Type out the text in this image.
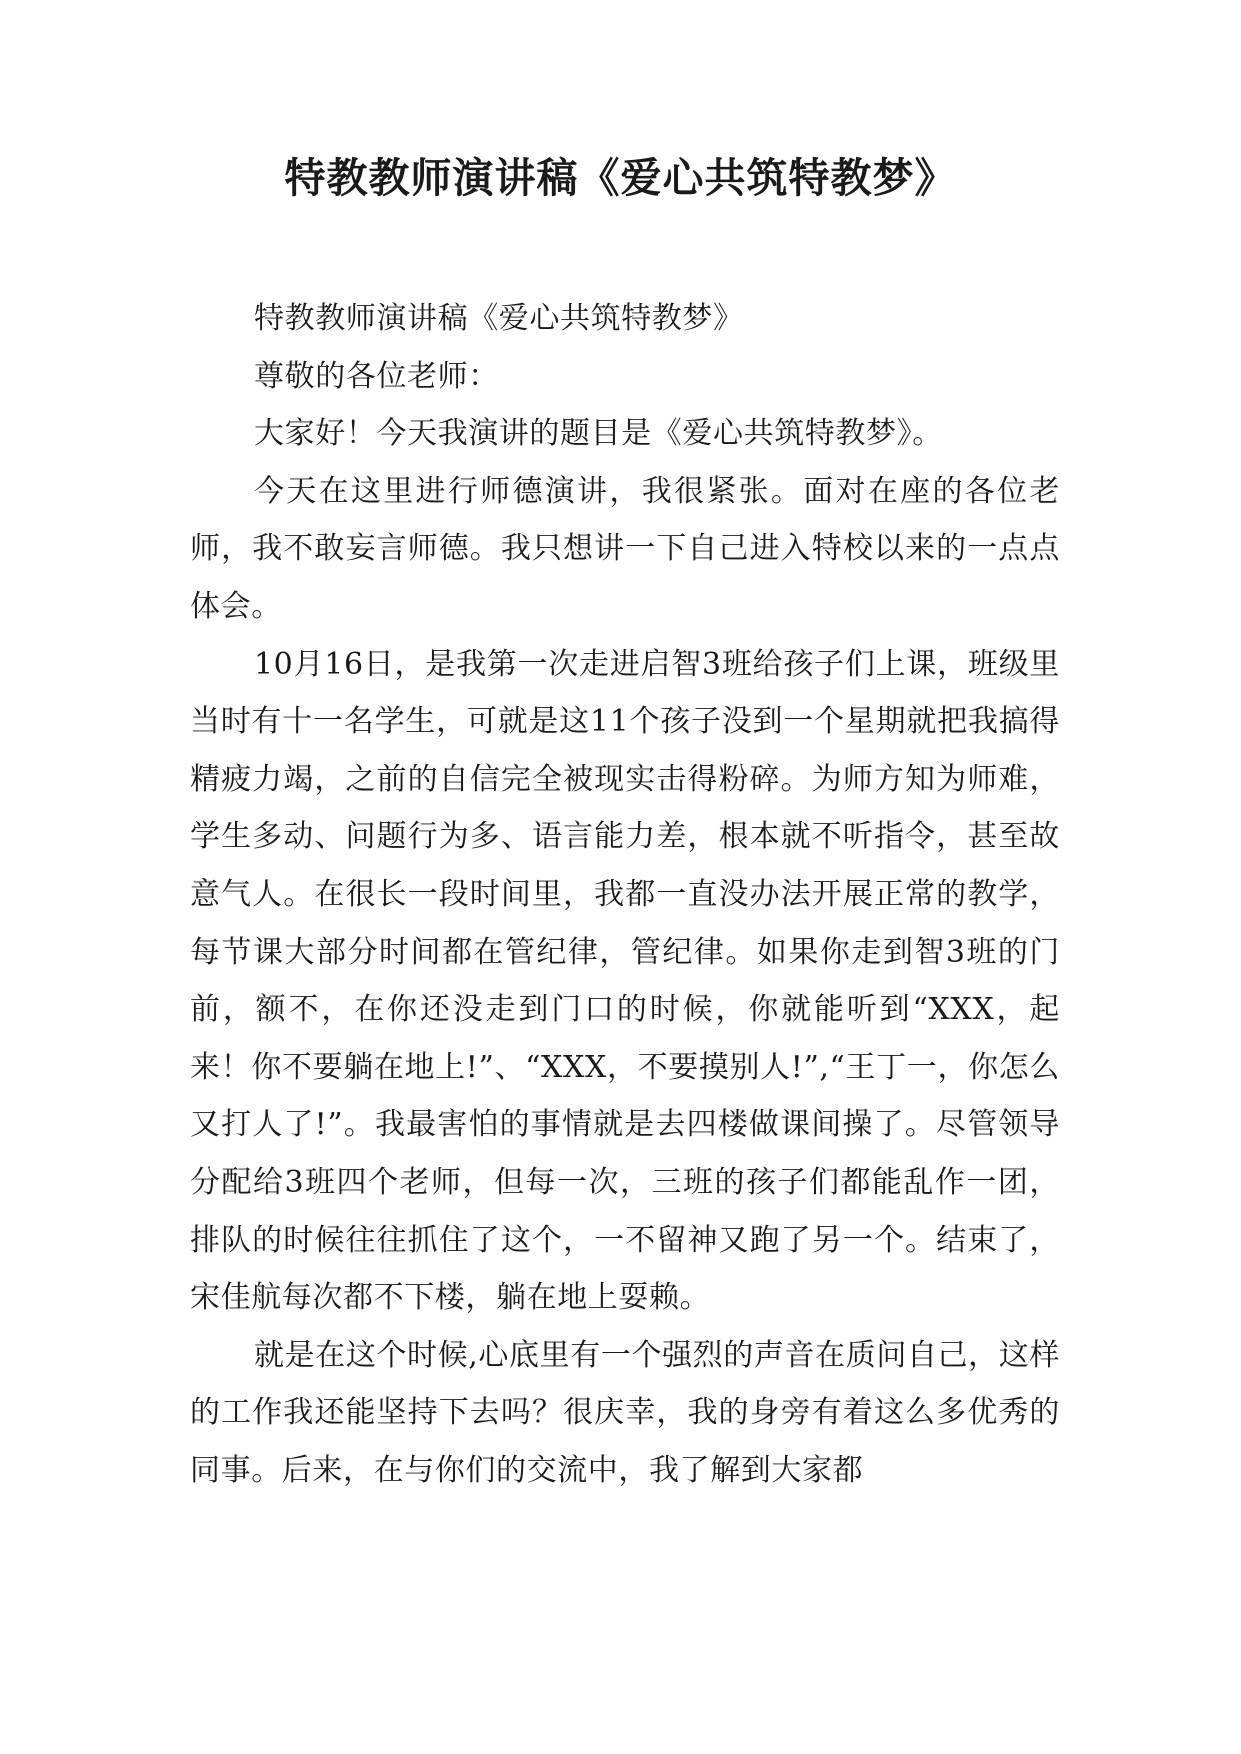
特教教师演讲稿《爱心共筑特教梦》

特教教师演讲稿《爱心共筑特教梦》

尊敬的各位老师：

大家好！今天我演讲的题目是《爱心共筑特教梦》。

今天在这里进行师德演讲，我很紧张。面对在座的各位老师，我不敢妄言师德。我只想讲一下自己进入特校以来的一点点体会。

10月16日，是我第一次走进启智3班给孩子们上课，班级里当时有十一名学生，可就是这11个孩子没到一个星期就把我搞得精疲力竭，之前的自信完全被现实击得粉碎。为师方知为师难，学生多动、问题行为多、语言能力差，根本就不听指令，甚至故意气人。在很长一段时间里，我都一直没办法开展正常的教学，每节课大部分时间都在管纪律，管纪律。如果你走到智3班的门前，额不，在你还没走到门口的时候，你就能听到“XXX，起来！你不要躺在地上!”、“XXX，不要摸别人!”,“王丁一，你怎么又打人了!”。我最害怕的事情就是去四楼做课间操了。尽管领导分配给3班四个老师，但每一次，三班的孩子们都能乱作一团，排队的时候往往抓住了这个，一不留神又跑了另一个。结束了，宋佳航每次都不下楼，躺在地上耍赖。

就是在这个时候,心底里有一个强烈的声音在质问自己，这样的工作我还能坚持下去吗？很庆幸，我的身旁有着这么多优秀的同事。后来，在与你们的交流中，我了解到大家都
